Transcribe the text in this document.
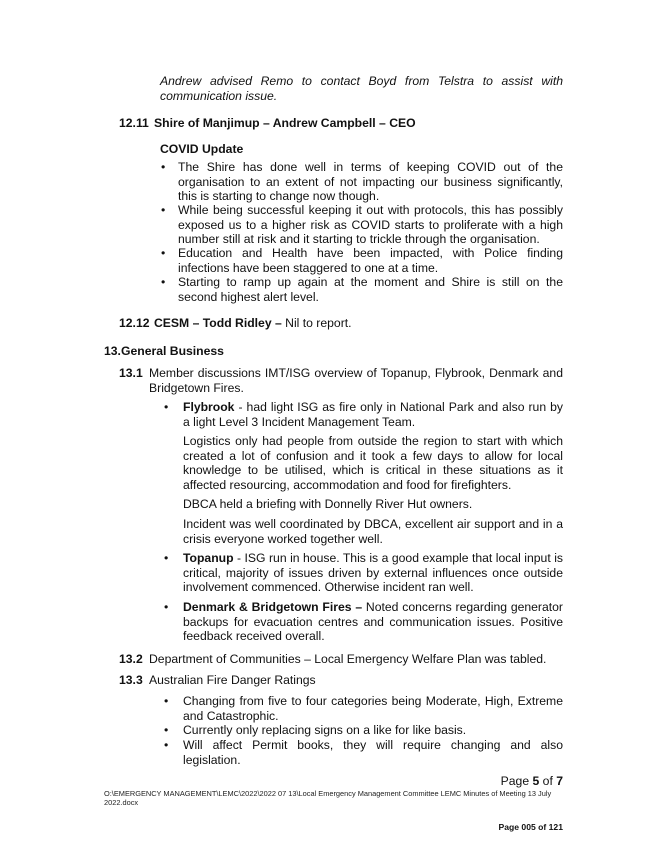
Andrew advised Remo to contact Boyd from Telstra to assist with communication issue.

12.11 Shire of Manjimup – Andrew Campbell – CEO
COVID Update
• The Shire has done well in terms of keeping COVID out of the organisation to an extent of not impacting our business significantly, this is starting to change now though.

• While being successful keeping it out with protocols, this has possibly exposed us to a higher risk as COVID starts to proliferate with a high number still at risk and it starting to trickle through the organisation.

• Education and Health have been impacted, with Police finding infections have been staggered to one at a time.

• Starting to ramp up again at the moment and Shire is still on the second highest alert level.

12.12 CESM – Todd Ridley – Nil to report.
13. General Business
13.1 Member discussions IMT/ISG overview of Topanup, Flybrook, Denmark and Bridgetown Fires.

• Flybrook - had light ISG as fire only in National Park and also run by a light Level 3 Incident Management Team.

Logistics only had people from outside the region to start with which created a lot of confusion and it took a few days to allow for local knowledge to be utilised, which is critical in these situations as it affected resourcing, accommodation and food for firefighters.

DBCA held a briefing with Donnelly River Hut owners.

Incident was well coordinated by DBCA, excellent air support and in a crisis everyone worked together well.

• Topanup - ISG run in house. This is a good example that local input is critical, majority of issues driven by external influences once outside involvement commenced. Otherwise incident ran well.

• Denmark & Bridgetown Fires – Noted concerns regarding generator backups for evacuation centres and communication issues. Positive feedback received overall.

13.2 Department of Communities – Local Emergency Welfare Plan was tabled.
13.3 Australian Fire Danger Ratings
• Changing from five to four categories being Moderate, High, Extreme and Catastrophic.

• Currently only replacing signs on a like for like basis.

• Will affect Permit books, they will require changing and also legislation.

Page 5 of 7

O:\EMERGENCY MANAGEMENT\LEMC\2022\2022 07 13\Local Emergency Management Committee LEMC Minutes of Meeting 13 July 2022.docx

Page 005 of 121
